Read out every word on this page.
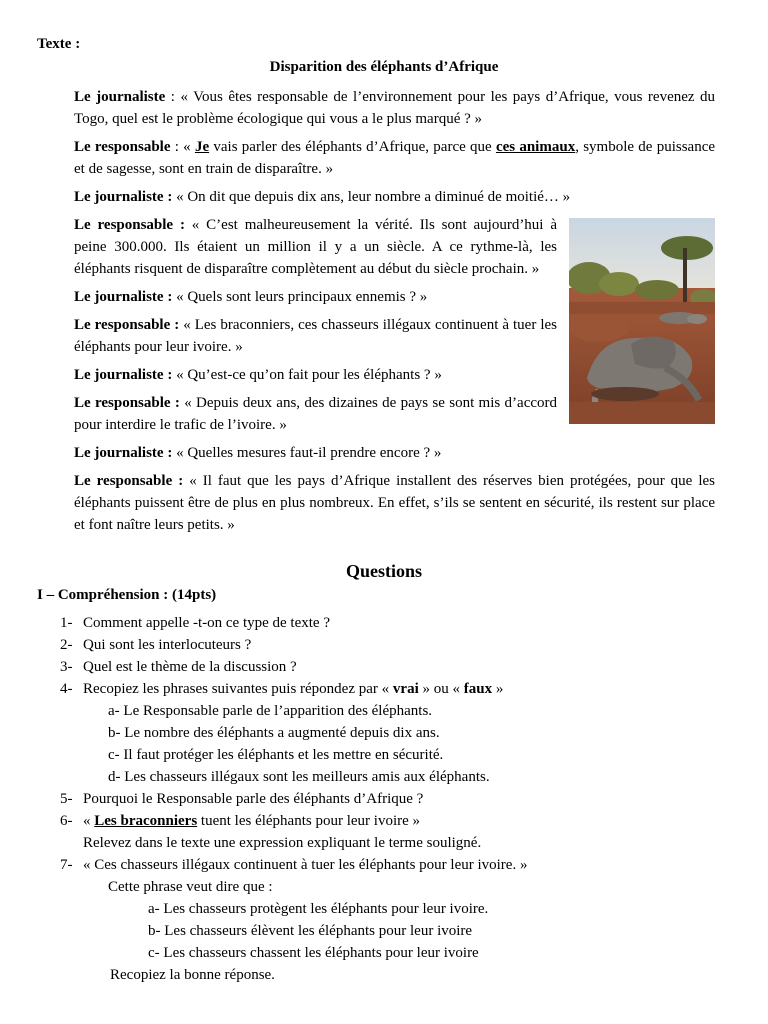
Texte :
Disparition des éléphants d’Afrique

Le journaliste : « Vous êtes responsable de l’environnement pour les pays d’Afrique, vous revenez du Togo, quel est le problème écologique qui vous a le plus marqué ? »

Le responsable : « Je vais parler des éléphants d’Afrique, parce que ces animaux, symbole de puissance et de sagesse, sont en train de disparaître. »

Le journaliste : « On dit que depuis dix ans, leur nombre a diminué de moitié… »

Le responsable : « C’est malheureusement la vérité. Ils sont aujourd’hui à peine 300.000. Ils étaient un million il y a un siècle. A ce rythme-là, les éléphants risquent de disparaître complètement au début du siècle prochain. »

Le journaliste : « Quels sont leurs principaux ennemis ? »

Le responsable : « Les braconniers, ces chasseurs illégaux continuent à tuer les éléphants pour leur ivoire. »

Le journaliste : « Qu’est-ce qu’on fait pour les éléphants ? »

Le responsable : « Depuis deux ans, des dizaines de pays se sont mis d’accord pour interdire le trafic de l’ivoire. »

Le journaliste : « Quelles mesures faut-il prendre encore ? »

Le responsable : « Il faut que les pays d’Afrique installent des réserves bien protégées, pour que les éléphants puissent être de plus en plus nombreux. En effet, s’ils se sentent en sécurité, ils restent sur place et font naître leurs petits. »

Questions
I – Compréhension : (14pts)

1- Comment appelle -t-on ce type de texte ?

2- Qui sont les interlocuteurs ?

3- Quel est le thème de la discussion ?

4- Recopiez les phrases suivantes puis répondez par « vrai » ou « faux »

a- Le Responsable parle de l’apparition des éléphants.

b- Le nombre des éléphants a augmenté depuis dix ans.

c- Il faut protéger les éléphants et les mettre en sécurité.

d- Les chasseurs illégaux sont les meilleurs amis aux éléphants.

5- Pourquoi le Responsable parle des éléphants d’Afrique ?

6- « Les braconniers tuent les éléphants pour leur ivoire »

Relevez dans le texte une expression expliquant le terme souligné.

7- « Ces chasseurs illégaux continuent à tuer les éléphants pour leur ivoire. »

Cette phrase veut dire que :

a- Les chasseurs protègent les éléphants pour leur ivoire.

b- Les chasseurs élèvent les éléphants pour leur ivoire

c- Les chasseurs chassent les éléphants pour leur ivoire

Recopiez la bonne réponse.
